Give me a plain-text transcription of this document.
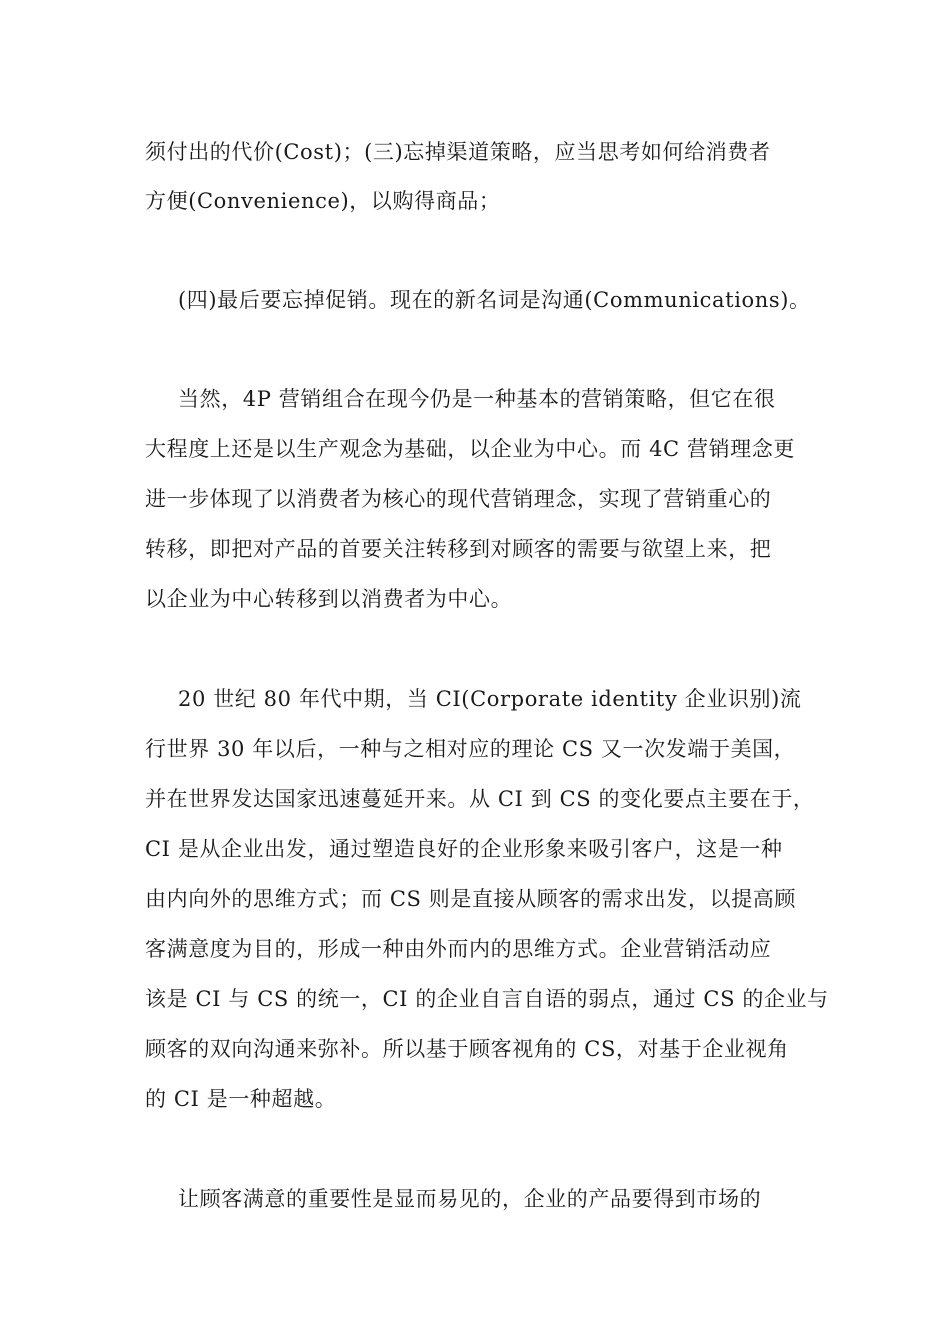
须付出的代价(Cost)；(三)忘掉渠道策略，应当思考如何给消费者
方便(Convenience)，以购得商品；
(四)最后要忘掉促销。现在的新名词是沟通(Communications)。
当然，4P 营销组合在现今仍是一种基本的营销策略，但它在很
大程度上还是以生产观念为基础，以企业为中心。而 4C 营销理念更
进一步体现了以消费者为核心的现代营销理念，实现了营销重心的
转移，即把对产品的首要关注转移到对顾客的需要与欲望上来，把
以企业为中心转移到以消费者为中心。
20 世纪 80 年代中期，当 CI(Corporate identity 企业识别)流
行世界 30 年以后，一种与之相对应的理论 CS 又一次发端于美国，
并在世界发达国家迅速蔓延开来。从 CI 到 CS 的变化要点主要在于，
CI 是从企业出发，通过塑造良好的企业形象来吸引客户，这是一种
由内向外的思维方式；而 CS 则是直接从顾客的需求出发，以提高顾
客满意度为目的，形成一种由外而内的思维方式。企业营销活动应
该是 CI 与 CS 的统一，CI 的企业自言自语的弱点，通过 CS 的企业与
顾客的双向沟通来弥补。所以基于顾客视角的 CS，对基于企业视角
的 CI 是一种超越。
让顾客满意的重要性是显而易见的，企业的产品要得到市场的
